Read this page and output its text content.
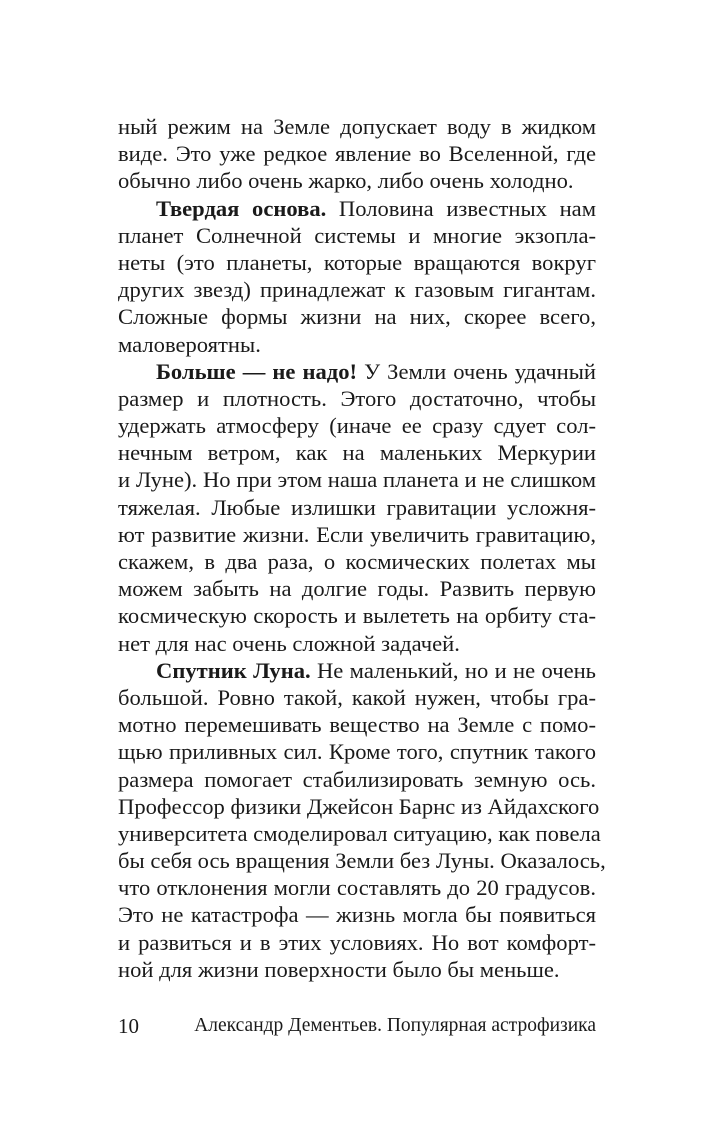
ный режим на Земле допускает воду в жидком
виде. Это уже редкое явление во Вселенной, где
обычно либо очень жарко, либо очень холодно.
Твердая основа. Половина известных нам
планет Солнечной системы и многие экзопла-
неты (это планеты, которые вращаются вокруг
других звезд) принадлежат к газовым гигантам.
Сложные формы жизни на них, скорее всего,
маловероятны.
Больше — не надо! У Земли очень удачный
размер и плотность. Этого достаточно, чтобы
удержать атмосферу (иначе ее сразу сдует сол-
нечным ветром, как на маленьких Меркурии
и Луне). Но при этом наша планета и не слишком
тяжелая. Любые излишки гравитации усложня-
ют развитие жизни. Если увеличить гравитацию,
скажем, в два раза, о космических полетах мы
можем забыть на долгие годы. Развить первую
космическую скорость и вылететь на орбиту ста-
нет для нас очень сложной задачей.
Спутник Луна. Не маленький, но и не очень
большой. Ровно такой, какой нужен, чтобы гра-
мотно перемешивать вещество на Земле с помо-
щью приливных сил. Кроме того, спутник такого
размера помогает стабилизировать земную ось.
Профессор физики Джейсон Барнс из Айдахского
университета смоделировал ситуацию, как повела
бы себя ось вращения Земли без Луны. Оказалось,
что отклонения могли составлять до 20 градусов.
Это не катастрофа — жизнь могла бы появиться
и развиться и в этих условиях. Но вот комфорт-
ной для жизни поверхности было бы меньше.
10	Александр Дементьев. Популярная астрофизика
